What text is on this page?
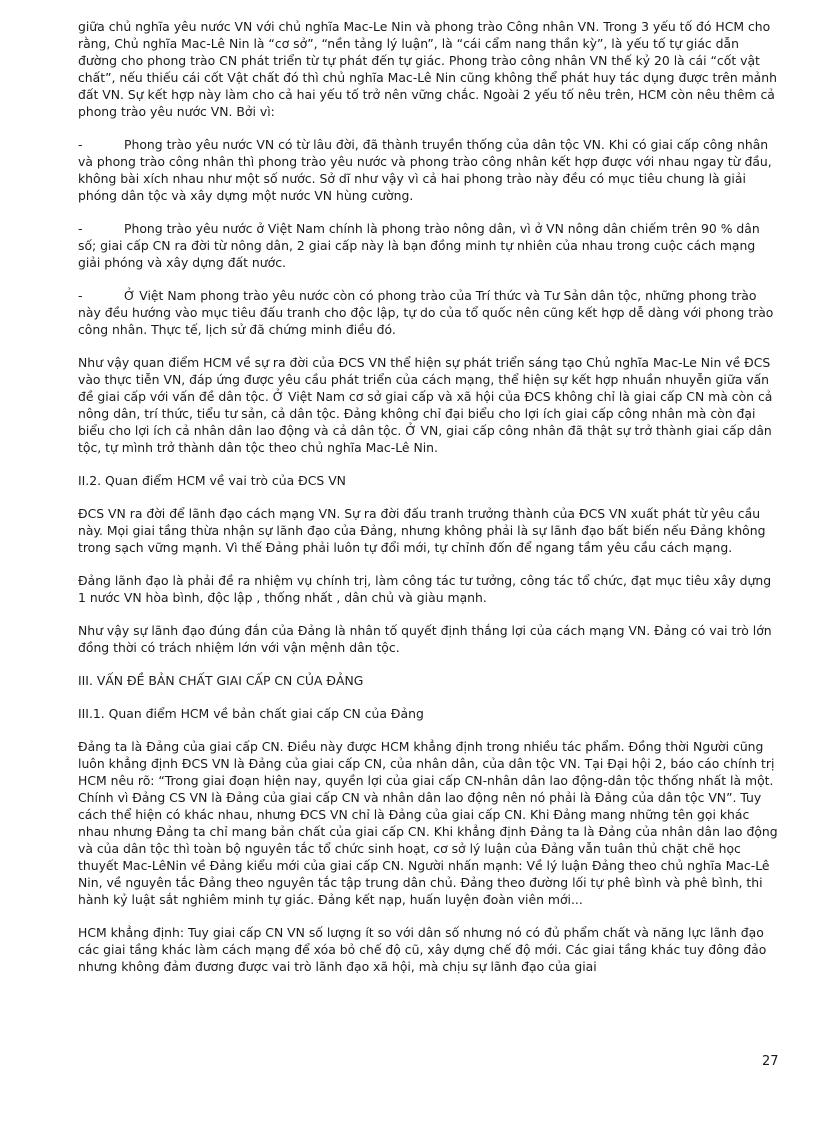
giữa chủ nghĩa yêu nước VN với chủ nghĩa Mac-Le Nin và phong trào Công nhân VN. Trong 3 yếu tố đó HCM cho rằng, Chủ nghĩa Mac-Lê Nin là “cơ sở”, “nền tảng lý luận”, là “cái cẩm nang thần kỳ”, là yếu tố tự giác dẫn đường cho phong trào CN phát triển từ tự phát đến tự giác. Phong trào công nhân VN thế kỷ 20 là cái “cốt vật chất”, nếu thiếu cái cốt Vật chất đó thì chủ nghĩa Mac-Lê Nin cũng không thể phát huy tác dụng được trên mảnh đất VN. Sự kết hợp này làm cho cả hai yếu tố trở nên vững chắc. Ngoài 2 yếu tố nêu trên, HCM còn nêu thêm cả phong trào yêu nước VN. Bởi vì:

-	Phong trào yêu nước VN có từ lâu đời, đã thành truyền thống của dân tộc VN. Khi có giai cấp công nhân và phong trào công nhân thì phong trào yêu nước và phong trào công nhân kết hợp được với nhau ngay từ đầu, không bài xích nhau như một số nước. Sở dĩ như vậy vì cả hai phong trào này đều có mục tiêu chung là giải phóng dân tộc và xây dựng một nước VN hùng cường.
-	Phong trào yêu nước ở Việt Nam chính là phong trào nông dân, vì ở VN nông dân chiếm trên 90 % dân số; giai cấp CN ra đời từ nông dân, 2 giai cấp này là bạn đồng minh tự nhiên của nhau trong cuộc cách mạng giải phóng và xây dựng đất nước.
-	Ở Việt Nam phong trào yêu nước còn có phong trào của Trí thức và Tư Sản dân tộc, những phong trào này đều hướng vào mục tiêu đấu tranh cho độc lập, tự do của tổ quốc nên cũng kết hợp dễ dàng với phong trào công nhân. Thực tế, lịch sử đã chứng minh điều đó.

Như vậy quan điểm HCM về sự ra đời của ĐCS VN thể hiện sự phát triển sáng tạo Chủ nghĩa Mac-Le Nin về ĐCS vào thực tiễn VN, đáp ứng được yêu cầu phát triển của cách mạng, thể hiện sự kết hợp nhuần nhuyễn giữa vấn đề giai cấp với vấn đề dân tộc. Ở Việt Nam cơ sở giai cấp và xã hội của ĐCS không chỉ là giai cấp CN mà còn cả nông dân, trí thức, tiểu tư sản, cả dân tộc. Đảng không chỉ đại biểu cho lợi ích giai cấp công nhân mà còn đại biểu cho lợi ích cả nhân dân lao động và cả dân tộc. Ở VN, giai cấp công nhân đã thật sự trở thành giai cấp dân tộc, tự mình trở thành dân tộc theo chủ nghĩa Mac-Lê Nin.

II.2. Quan điểm HCM về vai trò của ĐCS VN

ĐCS VN ra đời để lãnh đạo cách mạng VN. Sự ra đời đấu tranh trưởng thành của ĐCS VN xuất phát từ yêu cầu này. Mọi giai tầng thừa nhận sự lãnh đạo của Đảng, nhưng không phải là sự lãnh đạo bất biến nếu Đảng không trong sạch vững mạnh. Vì thế Đảng phải luôn tự đổi mới, tự chỉnh đốn để ngang tầm yêu cầu cách mạng.

Đảng lãnh đạo là phải đề ra nhiệm vụ chính trị, làm công tác tư tưởng, công tác tổ chức, đạt mục tiêu xây dựng 1 nước VN hòa bình, độc lập , thống nhất , dân chủ và giàu mạnh.

Như vậy sự lãnh đạo đúng đắn của Đảng là nhân tố quyết định thắng lợi của cách mạng VN. Đảng có vai trò lớn đồng thời có trách nhiệm lớn với vận mệnh dân tộc.

III. VẤN ĐỀ BẢN CHẤT GIAI CẤP CN CỦA ĐẢNG
III.1. Quan điểm HCM về bản chất giai cấp CN của Đảng

Đảng ta là Đảng của giai cấp CN. Điều này được HCM khẳng định trong nhiều tác phẩm. Đồng thời Người cũng luôn khẳng định ĐCS VN là Đảng của giai cấp CN, của nhân dân, của dân tộc VN. Tại Đại hội 2, báo cáo chính trị HCM nêu rõ: “Trong giai đoạn hiện nay, quyền lợi của giai cấp CN-nhân dân lao động-dân tộc thống nhất là một. Chính vì Đảng CS VN là Đảng của giai cấp CN và nhân dân lao động nên nó phải là Đảng của dân tộc VN”. Tuy cách thể hiện có khác nhau, nhưng ĐCS VN chỉ là Đảng của giai cấp CN. Khi Đảng mang những tên gọi khác nhau nhưng Đảng ta chỉ mang bản chất của giai cấp CN. Khi khẳng định Đảng ta là Đảng của nhân dân lao động và của dân tộc thì toàn bộ nguyên tắc tổ chức sinh hoạt, cơ sở lý luận của Đảng vẫn tuân thủ chặt chẽ học thuyết Mac-LêNin về Đảng kiểu mới của giai cấp CN. Người nhấn mạnh: Về lý luận Đảng theo chủ nghĩa Mac-Lê Nin, về nguyên tắc Đảng theo nguyên tắc tập trung dân chủ. Đảng theo đường lối tự phê bình và phê bình, thi hành kỷ luật sắt nghiêm minh tự giác. Đảng kết nạp, huấn luyện đoàn viên mới...

HCM khẳng định: Tuy giai cấp CN VN số lượng ít so với dân số nhưng nó có đủ phẩm chất và năng lực lãnh đạo các giai tầng khác làm cách mạng để xóa bỏ chế độ cũ, xây dựng chế độ mới. Các giai tầng khác tuy đông đảo nhưng không đảm đương được vai trò lãnh đạo xã hội, mà chịu sự lãnh đạo của giai

27
